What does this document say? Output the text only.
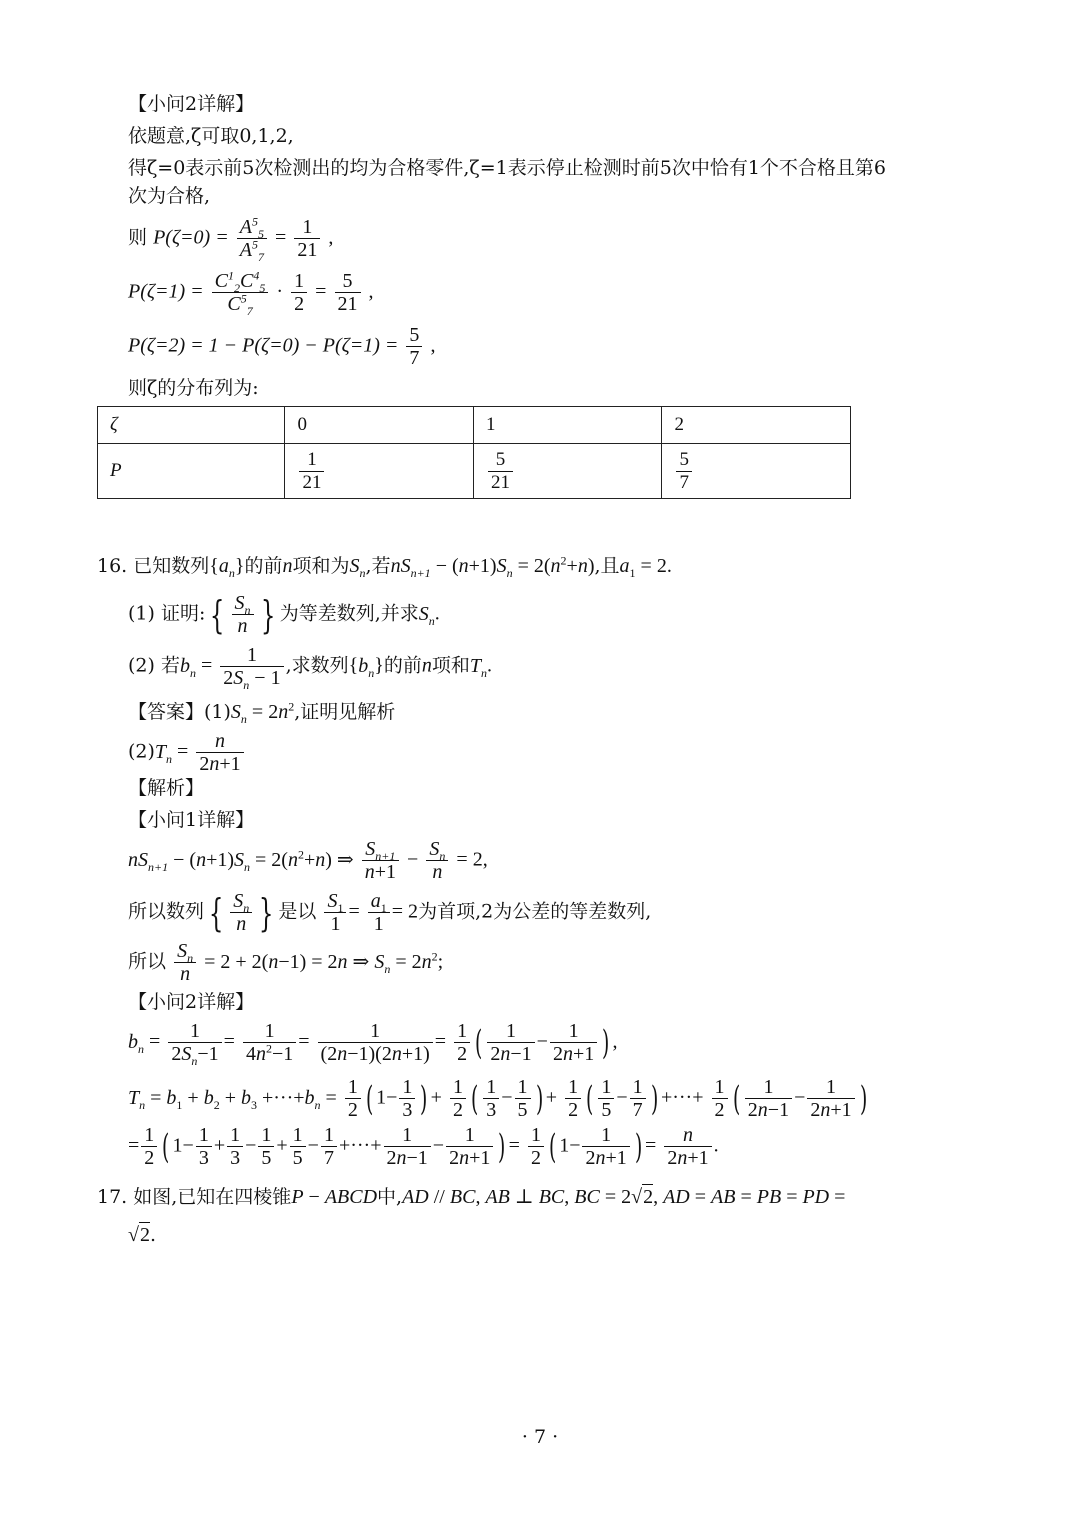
【小问2详解】
依题意,ζ可取0,1,2,
得ζ=0表示前5次检测出的均为合格零件,ζ=1表示停止检测时前5次中恰有1个不合格且第6
次为合格,
则 $P(\zeta=0) = \frac{A^5_5}{A^5_7} = \frac{1}{21}$ ,
$P(\zeta=1) = \frac{C^1_2C^4_5}{C^5_7} \cdot \frac{1}{2} = \frac{5}{21}$ ,
$P(\zeta=2) = 1 - P(\zeta=0) - P(\zeta=1) = \frac{5}{7}$ ,
则ζ的分布列为:
ζ	0	1	2
P	$\frac{1}{21}$	$\frac{5}{21}$	$\frac{5}{7}$
16. 已知数列$\{a_n\}$的前n项和为$S_n$,若$nS_{n+1} - (n+1)S_n = 2(n^2+n)$,且$a_1 = 2$.
(1) 证明: { $\frac{S_n}{n}$ } 为等差数列,并求$S_n$.
(2) 若$b_n = \frac{1}{2S_n - 1}$ ,求数列$\{b_n\}$的前n项和$T_n$.
【答案】$(1)S_n = 2n^2$,证明见解析
$(2)T_n = \frac{n}{2n+1}$
【解析】
【小问1详解】
$nS_{n+1} - (n+1)S_n = 2(n^2+n)$ ⇒ $\frac{S_{n+1}}{n+1} - \frac{S_n}{n} = 2$,
所以数列 { $\frac{S_n}{n}$ } 是以 $\frac{S_1}{1} = \frac{a_1}{1} = 2$为首项,2为公差的等差数列,
所以 $\frac{S_n}{n} = 2 + 2(n-1) = 2n$ ⇒ $S_n = 2n^2$;
【小问2详解】
$b_n = \frac{1}{2S_n-1} = \frac{1}{4n^2-1} = \frac{1}{(2n-1)(2n+1)} = \frac{1}{2}$ ( $\frac{1}{2n-1} - \frac{1}{2n+1}$ ) ,
$T_n = b_1 + b_2 + b_3 +\cdot\cdot\cdot+b_n = \frac{1}{2}$ ( $1- \frac{1}{3}$ ) + $\frac{1}{2}$ ( $\frac{1}{3} - \frac{1}{5}$ ) + $\frac{1}{2}$ ( $\frac{1}{5} - \frac{1}{7}$ ) +···+ $\frac{1}{2}$ ( $\frac{1}{2n-1} - \frac{1}{2n+1}$ )
= $\frac{1}{2}$ ( $1- \frac{1}{3} + \frac{1}{3} - \frac{1}{5} + \frac{1}{5} - \frac{1}{7}$ +···+ $\frac{1}{2n-1} - \frac{1}{2n+1}$ ) = $\frac{1}{2}$ ( $1- \frac{1}{2n+1}$ ) = $\frac{n}{2n+1}$ .
17. 如图,已知在四棱锥P − ABCD中,AD // BC, AB ⊥ BC, BC = 2√2, AD = AB = PB = PD =
√2.
· 7 ·
